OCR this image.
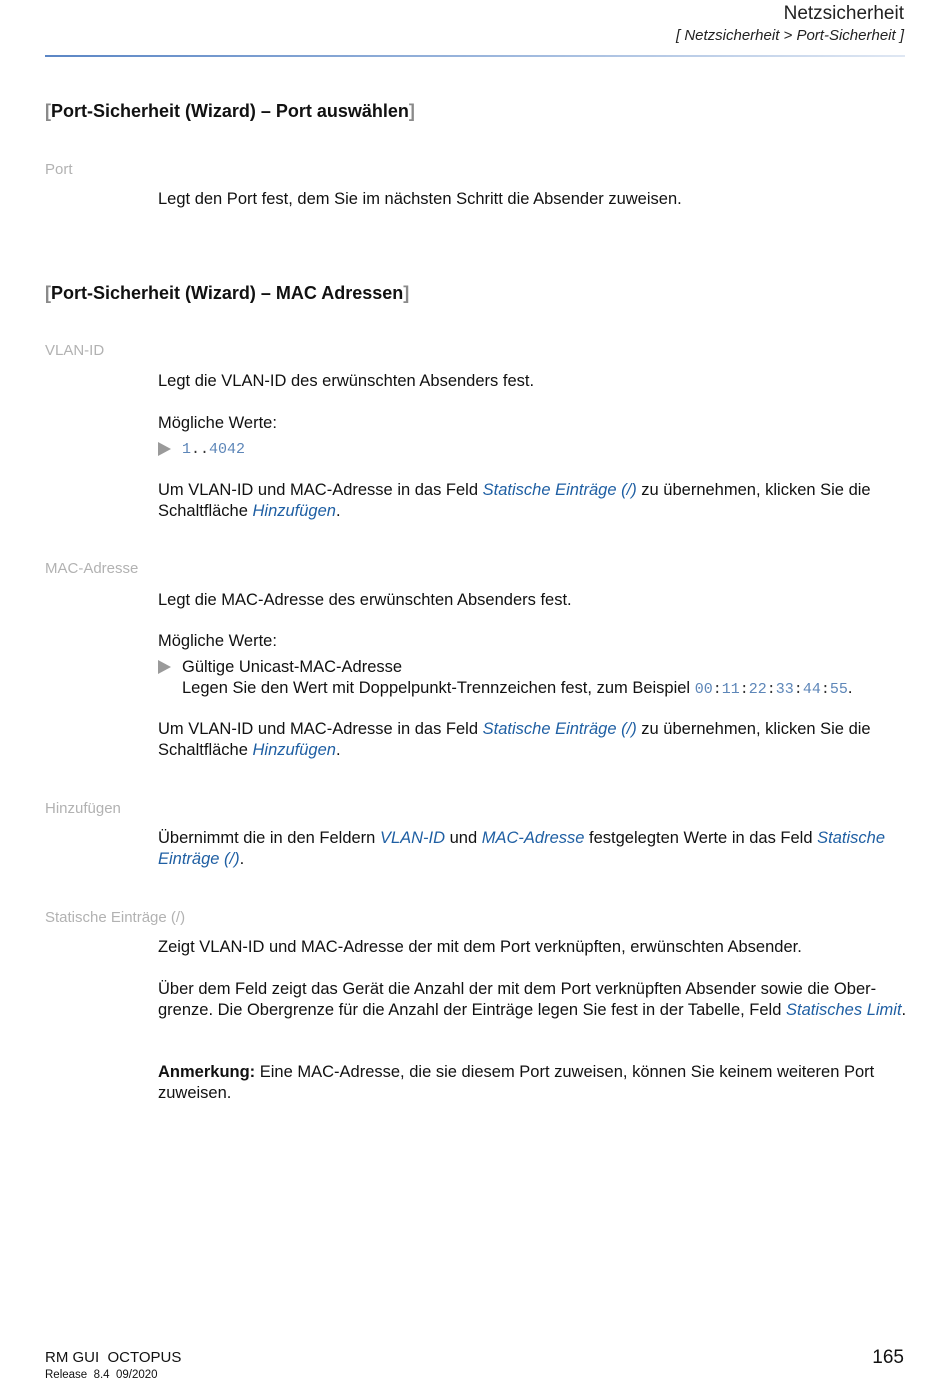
Netzsicherheit
[ Netzsicherheit > Port-Sicherheit ]
[Port-Sicherheit (Wizard) – Port auswählen]
Port
Legt den Port fest, dem Sie im nächsten Schritt die Absender zuweisen.
[Port-Sicherheit (Wizard) – MAC Adressen]
VLAN-ID
Legt die VLAN-ID des erwünschten Absenders fest.
Mögliche Werte:
1..4042
Um VLAN-ID und MAC-Adresse in das Feld Statische Einträge (/) zu übernehmen, klicken Sie die Schaltfläche Hinzufügen.
MAC-Adresse
Legt die MAC-Adresse des erwünschten Absenders fest.
Mögliche Werte:
Gültige Unicast-MAC-Adresse
Legen Sie den Wert mit Doppelpunkt-Trennzeichen fest, zum Beispiel 00:11:22:33:44:55.
Um VLAN-ID und MAC-Adresse in das Feld Statische Einträge (/) zu übernehmen, klicken Sie die Schaltfläche Hinzufügen.
Hinzufügen
Übernimmt die in den Feldern VLAN-ID und MAC-Adresse festgelegten Werte in das Feld Statische Einträge (/).
Statische Einträge (/)
Zeigt VLAN-ID und MAC-Adresse der mit dem Port verknüpften, erwünschten Absender.
Über dem Feld zeigt das Gerät die Anzahl der mit dem Port verknüpften Absender sowie die Obergrenze. Die Obergrenze für die Anzahl der Einträge legen Sie fest in der Tabelle, Feld Statisches Limit.
Anmerkung: Eine MAC-Adresse, die sie diesem Port zuweisen, können Sie keinem weiteren Port zuweisen.
RM GUI  OCTOPUS
Release  8.4  09/2020
165
